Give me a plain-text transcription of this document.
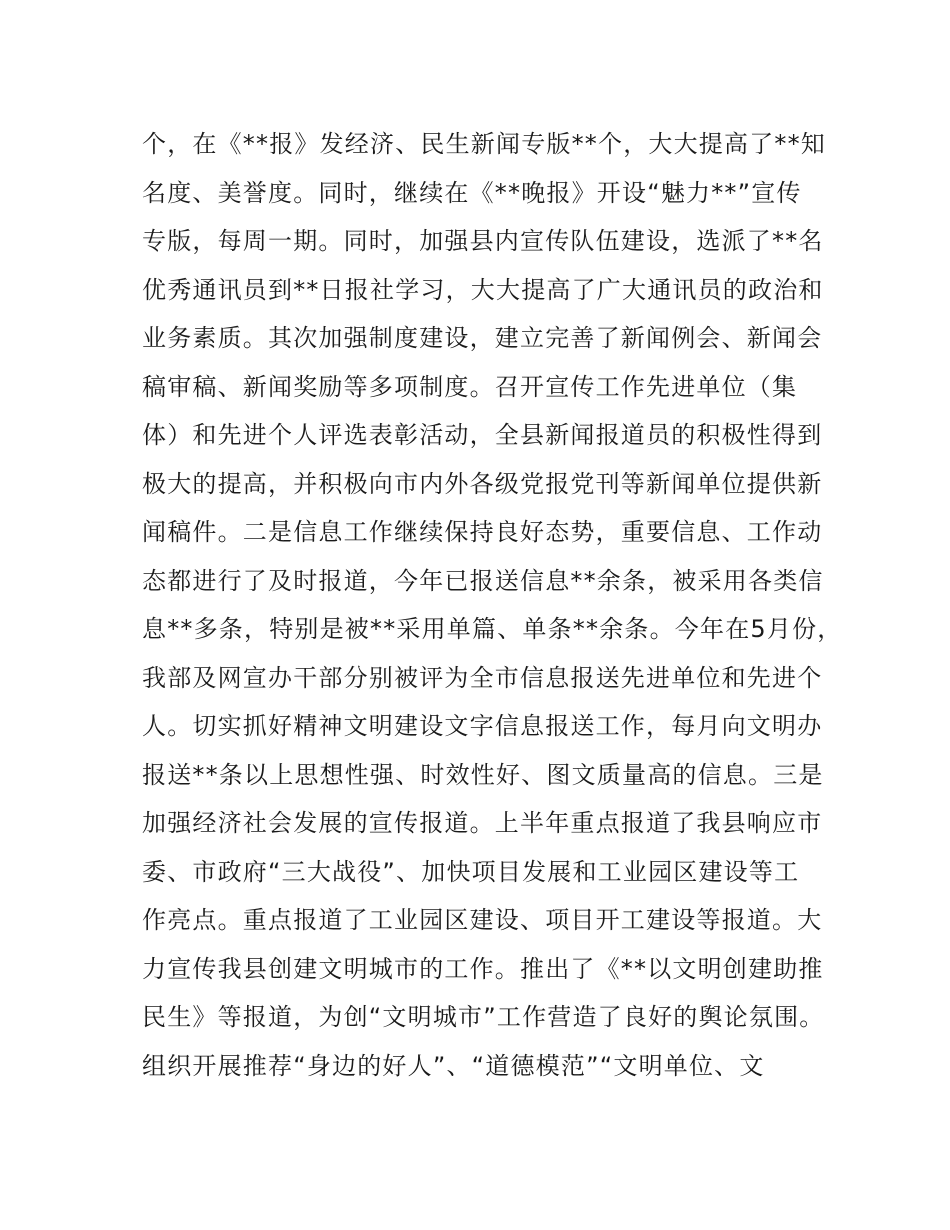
个，在《**报》发经济、民生新闻专版**个，大大提高了**知
名度、美誉度。同时，继续在《**晚报》开设“魅力**”宣传
专版，每周一期。同时，加强县内宣传队伍建设，选派了**名
优秀通讯员到**日报社学习，大大提高了广大通讯员的政治和
业务素质。其次加强制度建设，建立完善了新闻例会、新闻会
稿审稿、新闻奖励等多项制度。召开宣传工作先进单位（集
体）和先进个人评选表彰活动，全县新闻报道员的积极性得到
极大的提高，并积极向市内外各级党报党刊等新闻单位提供新
闻稿件。二是信息工作继续保持良好态势，重要信息、工作动
态都进行了及时报道，今年已报送信息**余条，被采用各类信
息**多条，特别是被**采用单篇、单条**余条。今年在5月份，
我部及网宣办干部分别被评为全市信息报送先进单位和先进个
人。切实抓好精神文明建设文字信息报送工作，每月向文明办
报送**条以上思想性强、时效性好、图文质量高的信息。三是
加强经济社会发展的宣传报道。上半年重点报道了我县响应市
委、市政府“三大战役”、加快项目发展和工业园区建设等工
作亮点。重点报道了工业园区建设、项目开工建设等报道。大
力宣传我县创建文明城市的工作。推出了《**以文明创建助推
民生》等报道，为创“文明城市”工作营造了良好的舆论氛围。
组织开展推荐“身边的好人”、“道德模范”“文明单位、文
